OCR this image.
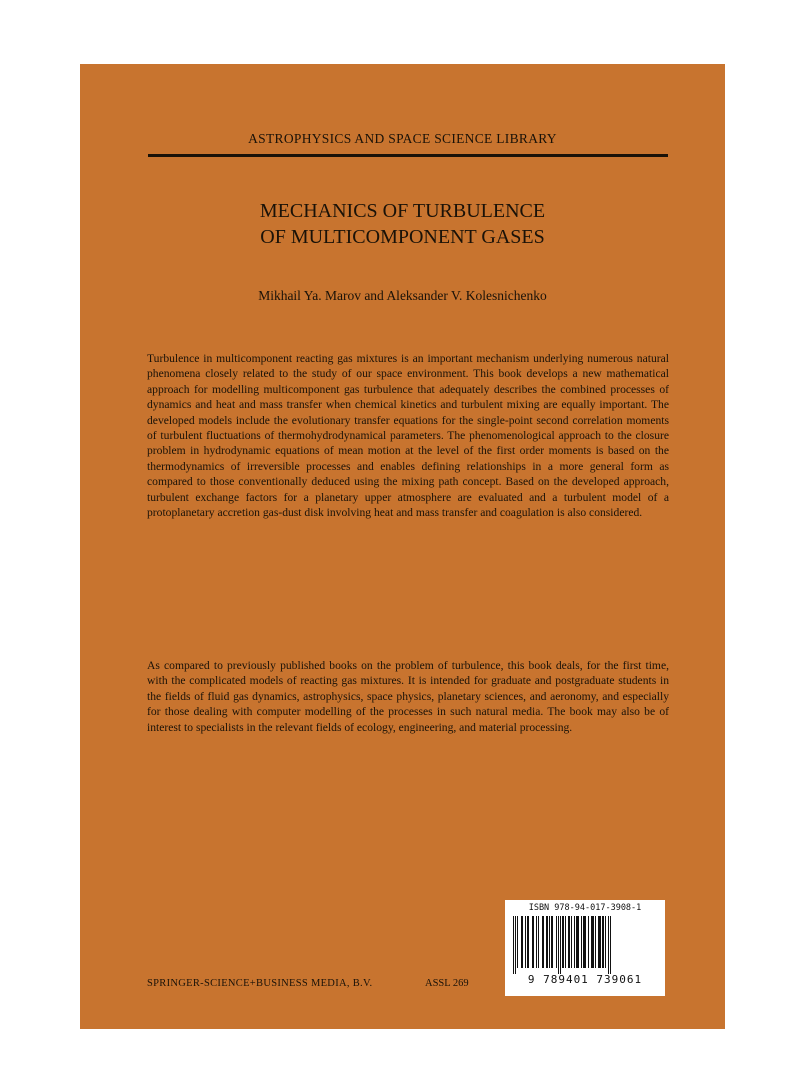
ASTROPHYSICS AND SPACE SCIENCE LIBRARY
MECHANICS OF TURBULENCE
OF MULTICOMPONENT GASES
Mikhail Ya. Marov and Aleksander V. Kolesnichenko

Turbulence in multicomponent reacting gas mixtures is an important mechanism underlying numerous natural phenomena closely related to the study of our space environment. This book develops a new mathematical approach for modelling multicomponent gas turbulence that adequately describes the combined processes of dynamics and heat and mass transfer when chemical kinetics and turbulent mixing are equally important. The developed models include the evolutionary transfer equations for the single-point second correlation moments of turbulent fluctuations of thermohydrodynamical parameters. The phenomenological approach to the closure problem in hydrodynamic equations of mean motion at the level of the first order moments is based on the thermodynamics of irreversible processes and enables defining relationships in a more general form as compared to those conventionally deduced using the mixing path concept. Based on the developed approach, turbulent exchange factors for a planetary upper atmosphere are evaluated and a turbulent model of a protoplanetary accretion gas-dust disk involving heat and mass transfer and coagulation is also considered.

As compared to previously published books on the problem of turbulence, this book deals, for the first time, with the complicated models of reacting gas mixtures. It is intended for graduate and postgraduate students in the fields of fluid gas dynamics, astrophysics, space physics, planetary sciences, and aeronomy, and especially for those dealing with computer modelling of the processes in such natural media. The book may also be of interest to specialists in the relevant fields of ecology, engineering, and material processing.

SPRINGER-SCIENCE+BUSINESS MEDIA, B.V.	ASSL 269
ISBN 978-94-017-3908-1
9 789401 739061
